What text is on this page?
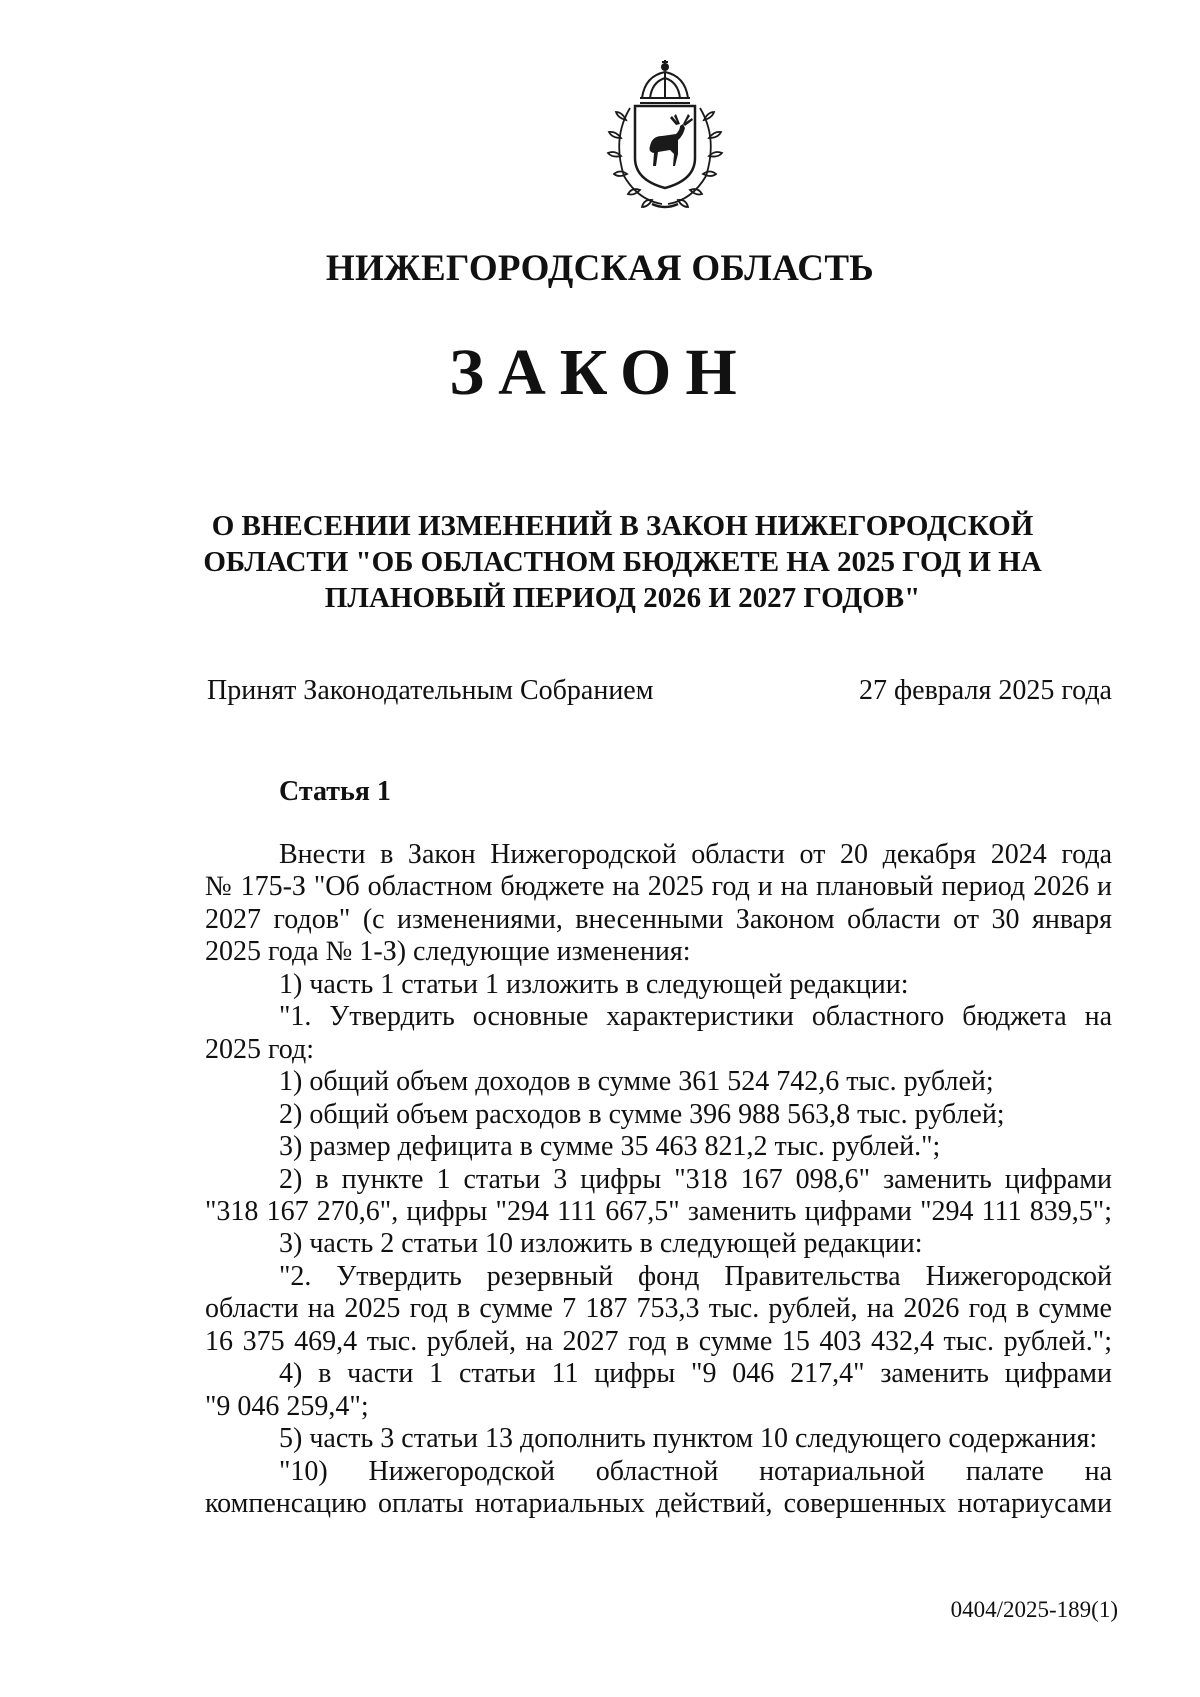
НИЖЕГОРОДСКАЯ ОБЛАСТЬ
ЗАКОН
О ВНЕСЕНИИ ИЗМЕНЕНИЙ В ЗАКОН НИЖЕГОРОДСКОЙ
ОБЛАСТИ "ОБ ОБЛАСТНОМ БЮДЖЕТЕ НА 2025 ГОД И НА
ПЛАНОВЫЙ ПЕРИОД 2026 И 2027 ГОДОВ"
Принят Законодательным Собранием	27 февраля 2025 года
Статья 1

Внести в Закон Нижегородской области от 20 декабря 2024 года

№ 175-З "Об областном бюджете на 2025 год и на плановый период 2026 и

2027 годов" (с изменениями, внесенными Законом области от 30 января

2025 года № 1-З) следующие изменения:

1) часть 1 статьи 1 изложить в следующей редакции:

"1. Утвердить основные характеристики областного бюджета на

2025 год:

1) общий объем доходов в сумме 361 524 742,6 тыс. рублей;

2) общий объем расходов в сумме 396 988 563,8 тыс. рублей;

3) размер дефицита в сумме 35 463 821,2 тыс. рублей.";

2) в пункте 1 статьи 3 цифры "318 167 098,6" заменить цифрами

"318 167 270,6", цифры "294 111 667,5" заменить цифрами "294 111 839,5";

3) часть 2 статьи 10 изложить в следующей редакции:

"2. Утвердить резервный фонд Правительства Нижегородской

области на 2025 год в сумме 7 187 753,3 тыс. рублей, на 2026 год в сумме

16 375 469,4 тыс. рублей, на 2027 год в сумме 15 403 432,4 тыс. рублей.";

4) в части 1 статьи 11 цифры "9 046 217,4" заменить цифрами

"9 046 259,4";

5) часть 3 статьи 13 дополнить пунктом 10 следующего содержания:

"10) Нижегородской областной нотариальной палате на

компенсацию оплаты нотариальных действий, совершенных нотариусами

0404/2025-189(1)
